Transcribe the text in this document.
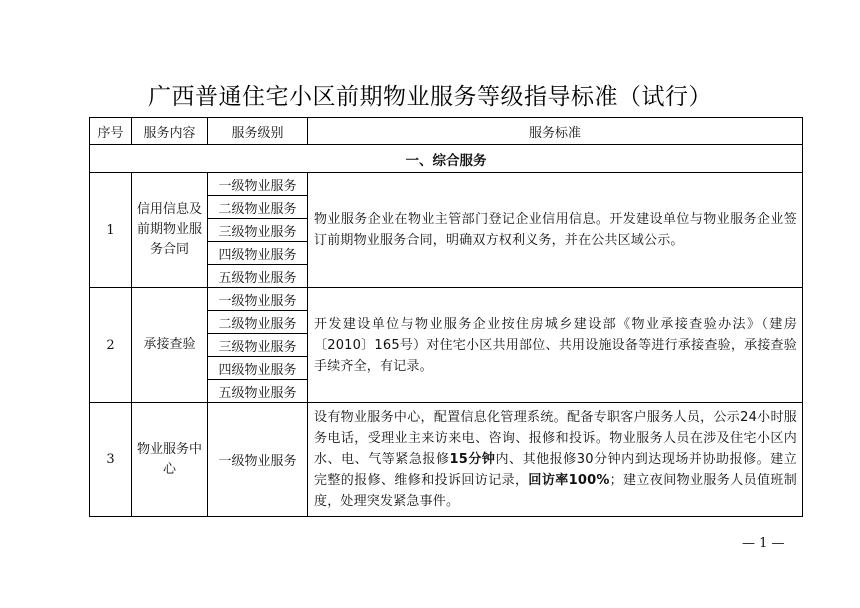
广西普通住宅小区前期物业服务等级指导标准（试行）
序号	服务内容	服务级别	服务标准
一、综合服务			
1	信用信息及前期物业服务合同	一级物业服务	物业服务企业在物业主管部门登记企业信用信息。开发建设单位与物业服务企业签订前期物业服务合同，明确双方权利义务，并在公共区域公示。
		二级物业服务	
		三级物业服务	
		四级物业服务	
		五级物业服务	
2	承接查验	一级物业服务	开发建设单位与物业服务企业按住房城乡建设部《物业承接查验办法》（建房〔2010〕165号）对住宅小区共用部位、共用设施设备等进行承接查验，承接查验手续齐全，有记录。
		二级物业服务	
		三级物业服务	
		四级物业服务	
		五级物业服务	
3	物业服务中心	一级物业服务	设有物业服务中心，配置信息化管理系统。配备专职客户服务人员，公示24小时服务电话，受理业主来访来电、咨询、报修和投诉。物业服务人员在涉及住宅小区内水、电、气等紧急报修15分钟内、其他报修30分钟内到达现场并协助报修。建立完整的报修、维修和投诉回访记录，回访率100%；建立夜间物业服务人员值班制度，处理突发紧急事件。
— 1 —
